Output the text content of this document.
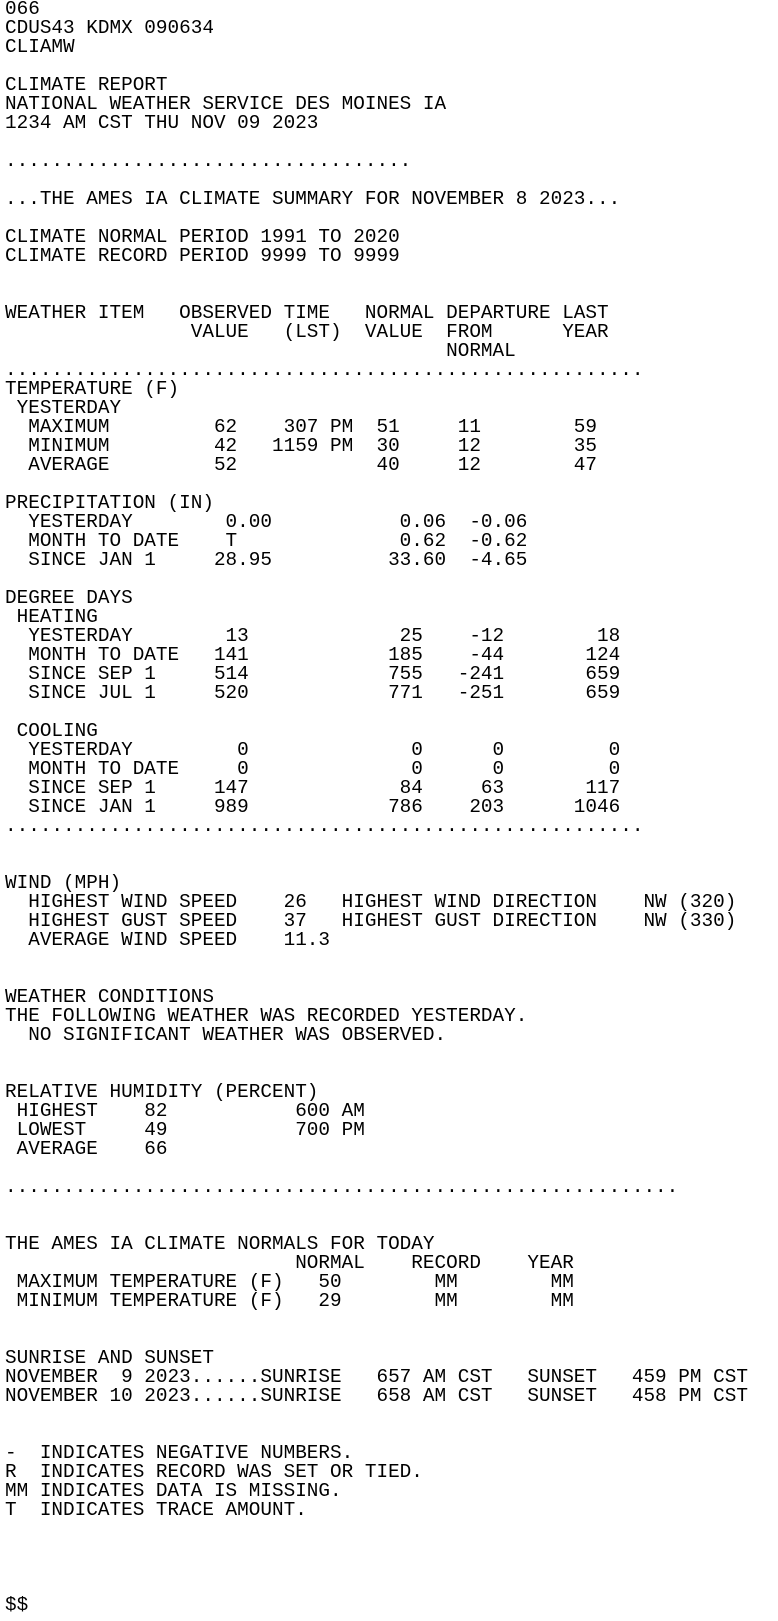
066
CDUS43 KDMX 090634
CLIAMW
CLIMATE REPORT
NATIONAL WEATHER SERVICE DES MOINES IA
1234 AM CST THU NOV 09 2023
...................................
...THE AMES IA CLIMATE SUMMARY FOR NOVEMBER 8 2023...
CLIMATE NORMAL PERIOD 1991 TO 2020
CLIMATE RECORD PERIOD 9999 TO 9999
WEATHER ITEM   OBSERVED TIME   NORMAL DEPARTURE LAST
VALUE   (LST)  VALUE  FROM      YEAR
NORMAL
.......................................................
TEMPERATURE (F)
YESTERDAY
MAXIMUM         62    307 PM  51     11        59
MINIMUM         42   1159 PM  30     12        35
AVERAGE         52            40     12        47
PRECIPITATION (IN)
YESTERDAY        0.00           0.06  -0.06
MONTH TO DATE    T              0.62  -0.62
SINCE JAN 1     28.95          33.60  -4.65
DEGREE DAYS
HEATING
YESTERDAY        13             25    -12        18
MONTH TO DATE   141            185    -44       124
SINCE SEP 1     514            755   -241       659
SINCE JUL 1     520            771   -251       659
COOLING
YESTERDAY         0              0      0         0
MONTH TO DATE     0              0      0         0
SINCE SEP 1     147             84     63       117
SINCE JAN 1     989            786    203      1046
.......................................................
WIND (MPH)
HIGHEST WIND SPEED    26   HIGHEST WIND DIRECTION    NW (320)
HIGHEST GUST SPEED    37   HIGHEST GUST DIRECTION    NW (330)
AVERAGE WIND SPEED    11.3
WEATHER CONDITIONS
THE FOLLOWING WEATHER WAS RECORDED YESTERDAY.
NO SIGNIFICANT WEATHER WAS OBSERVED.
RELATIVE HUMIDITY (PERCENT)
HIGHEST    82           600 AM
LOWEST     49           700 PM
AVERAGE    66
..........................................................
THE AMES IA CLIMATE NORMALS FOR TODAY
NORMAL    RECORD    YEAR
MAXIMUM TEMPERATURE (F)   50        MM        MM
MINIMUM TEMPERATURE (F)   29        MM        MM
SUNRISE AND SUNSET
NOVEMBER  9 2023......SUNRISE   657 AM CST   SUNSET   459 PM CST
NOVEMBER 10 2023......SUNRISE   658 AM CST   SUNSET   458 PM CST
-  INDICATES NEGATIVE NUMBERS.
R  INDICATES RECORD WAS SET OR TIED.
MM INDICATES DATA IS MISSING.
T  INDICATES TRACE AMOUNT.
$$
